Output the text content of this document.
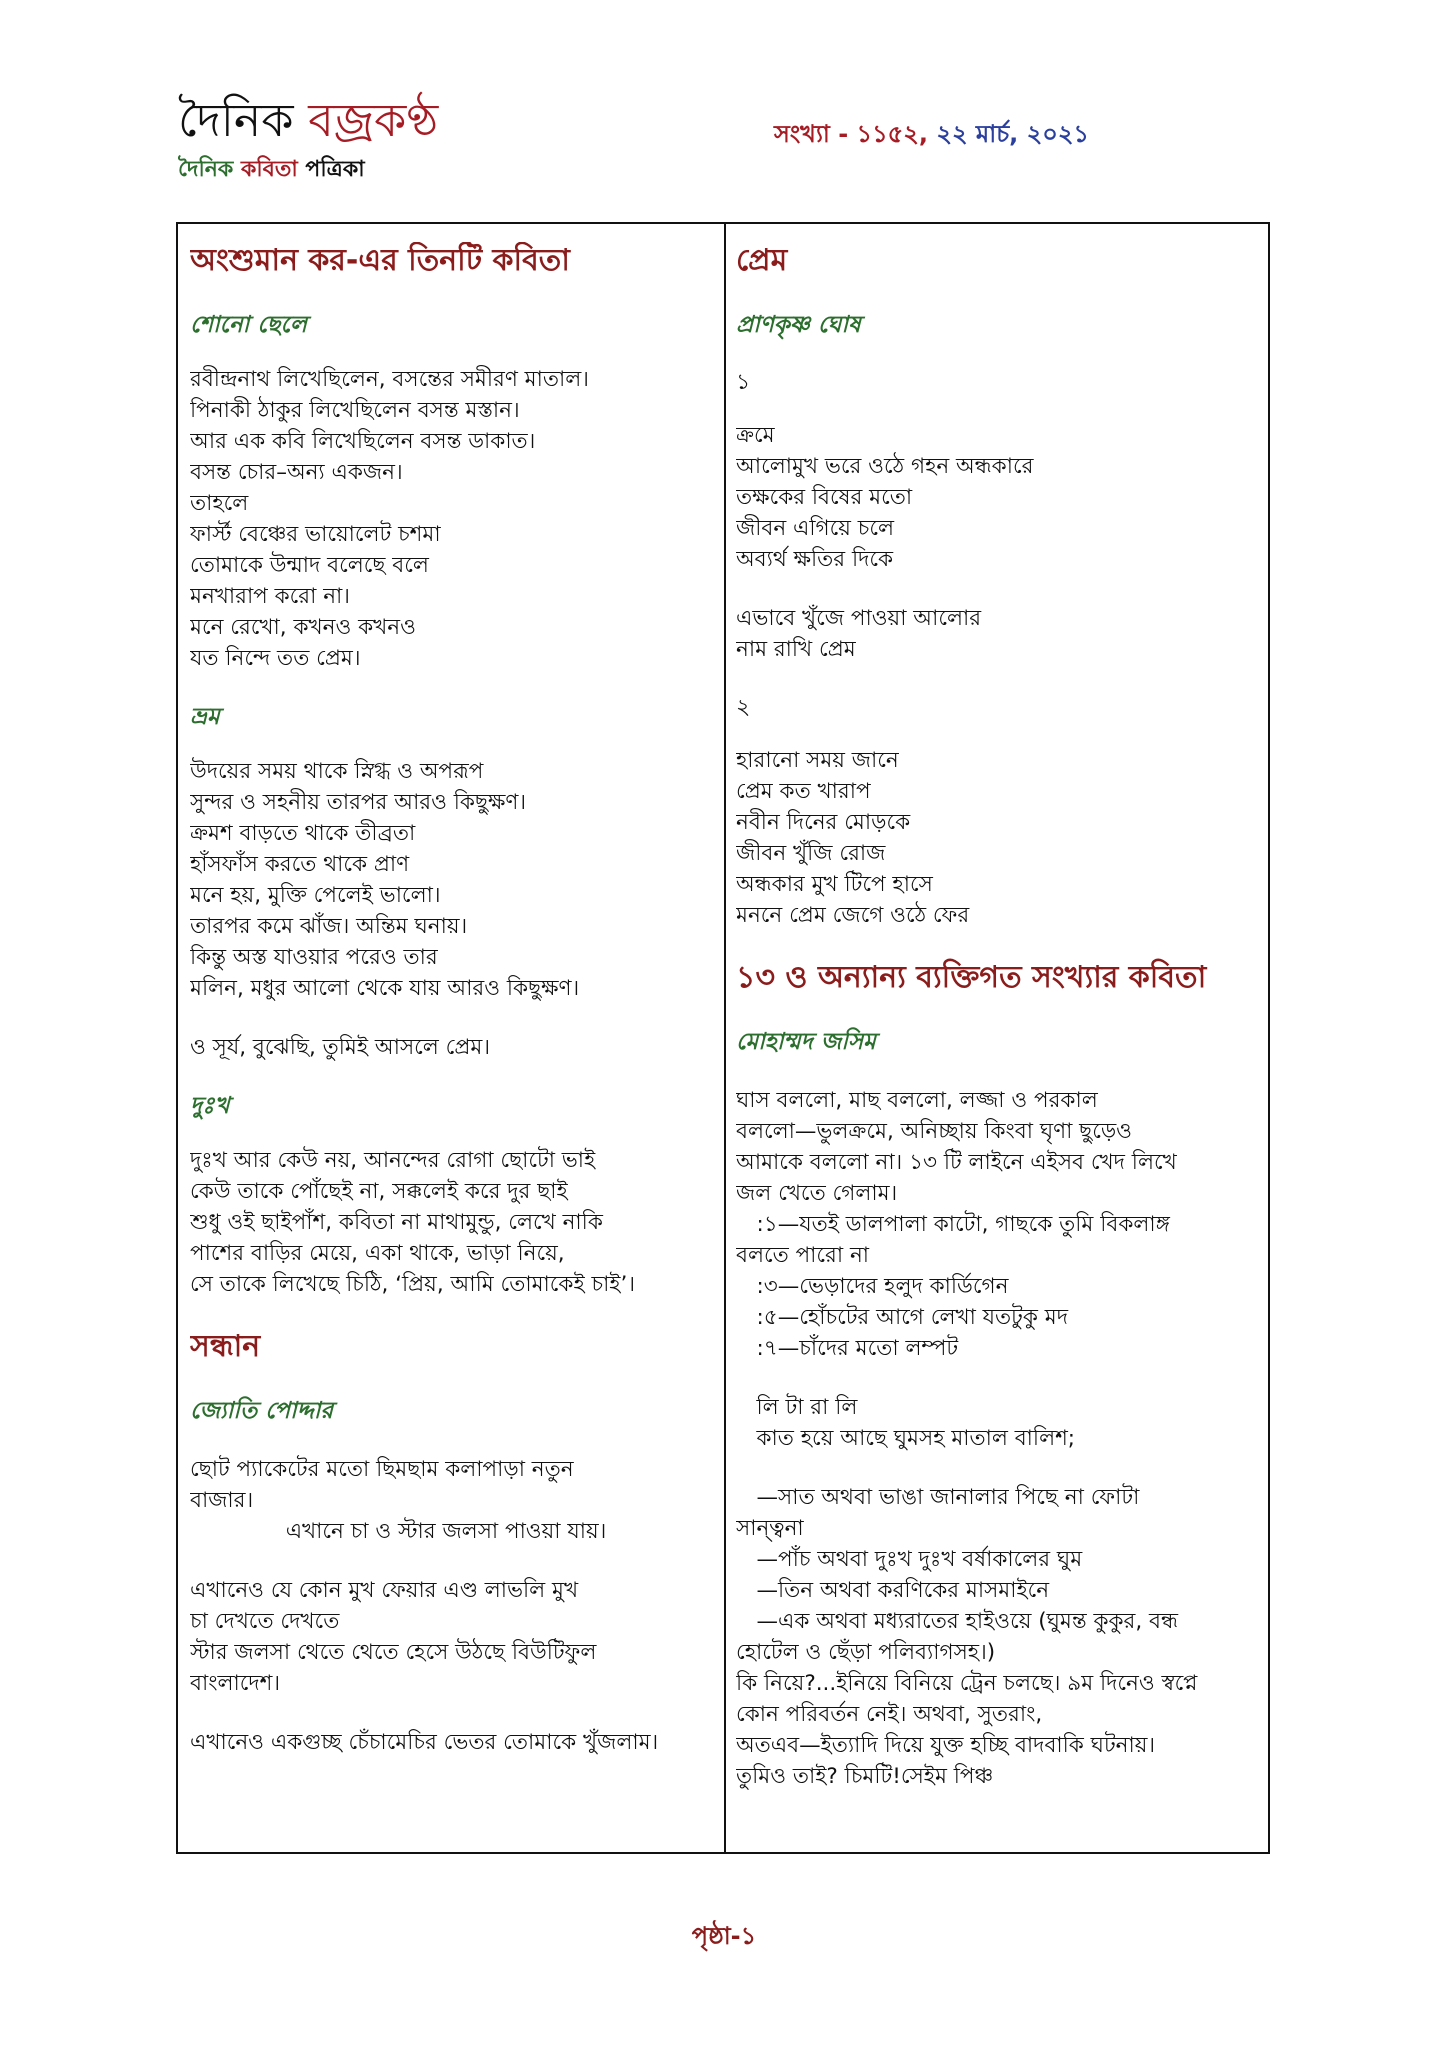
দৈনিক বজ্রকণ্ঠ
দৈনিক কবিতা পত্রিকা
সংখ্যা - ১১৫২, ২২ মার্চ, ২০২১
অংশুমান কর-এর তিনটি কবিতা
শোনো ছেলে
রবীন্দ্রনাথ লিখেছিলেন, বসন্তের সমীরণ মাতাল।
পিনাকী ঠাকুর লিখেছিলেন বসন্ত মস্তান।
আর এক কবি লিখেছিলেন বসন্ত ডাকাত।
বসন্ত চোর–অন্য একজন।
তাহলে
ফার্স্ট বেঞ্চের ভায়োলেট চশমা
তোমাকে উন্মাদ বলেছে বলে
মনখারাপ করো না।
মনে রেখো, কখনও কখনও
যত নিন্দে তত প্রেম।
ভ্রম
উদয়ের সময় থাকে স্নিগ্ধ ও অপরূপ
সুন্দর ও সহনীয় তারপর আরও কিছুক্ষণ।
ক্রমশ বাড়তে থাকে তীব্রতা
হাঁসফাঁস করতে থাকে প্রাণ
মনে হয়, মুক্তি পেলেই ভালো।
তারপর কমে ঝাঁজ। অন্তিম ঘনায়।
কিন্তু অস্ত যাওয়ার পরেও তার
মলিন, মধুর আলো থেকে যায় আরও কিছুক্ষণ।
ও সূর্য, বুঝেছি, তুমিই আসলে প্রেম।
দুঃখ
দুঃখ আর কেউ নয়, আনন্দের রোগা ছোটো ভাই
কেউ তাকে পোঁছেই না, সক্কলেই করে দুর ছাই
শুধু ওই ছাইপাঁশ, কবিতা না মাথামুন্ডু, লেখে নাকি
পাশের বাড়ির মেয়ে, একা থাকে, ভাড়া নিয়ে,
সে তাকে লিখেছে চিঠি, ‘প্রিয়, আমি তোমাকেই চাই’।
সন্ধান
জ্যোতি পোদ্দার
ছোট প্যাকেটের মতো ছিমছাম কলাপাড়া নতুন
বাজার।
এখানে চা ও স্টার জলসা পাওয়া যায়।
এখানেও যে কোন মুখ ফেয়ার এণ্ড লাভলি মুখ
চা দেখতে দেখতে
স্টার জলসা থেতে থেতে হেসে উঠছে বিউটিফুল
বাংলাদেশ।
এখানেও একগুচ্ছ চেঁচামেচির ভেতর তোমাকে খুঁজলাম।
প্রেম
প্রাণকৃষ্ণ ঘোষ
১
ক্রমে
আলোমুখ ভরে ওঠে গহন অন্ধকারে
তক্ষকের বিষের মতো
জীবন এগিয়ে চলে
অব্যর্থ ক্ষতির দিকে
এভাবে খুঁজে পাওয়া আলোর
নাম রাখি প্রেম
২
হারানো সময় জানে
প্রেম কত খারাপ
নবীন দিনের মোড়কে
জীবন খুঁজি রোজ
অন্ধকার মুখ টিপে হাসে
মননে প্রেম জেগে ওঠে ফের
১৩ ও অন্যান্য ব্যক্তিগত সংখ্যার কবিতা
মোহাম্মদ জসিম
ঘাস বললো, মাছ বললো, লজ্জা ও পরকাল
বললো—ভুলক্রমে, অনিচ্ছায় কিংবা ঘৃণা ছুড়েও
আমাকে বললো না। ১৩ টি লাইনে এইসব খেদ লিখে
জল খেতে গেলাম।
:১—যতই ডালপালা কাটো, গাছকে তুমি বিকলাঙ্গ
বলতে পারো না
:৩—ভেড়াদের হলুদ কার্ডিগেন
:৫—হোঁচটের আগে লেখা যতটুকু মদ
:৭—চাঁদের মতো লম্পট
লি টা রা লি
কাত হয়ে আছে ঘুমসহ মাতাল বালিশ;
—সাত অথবা ভাঙা জানালার পিছে না ফোটা
সান্ত্বনা
—পাঁচ অথবা দুঃখ দুঃখ বর্ষাকালের ঘুম
—তিন অথবা করণিকের মাসমাইনে
—এক অথবা মধ্যরাতের হাইওয়ে (ঘুমন্ত কুকুর, বন্ধ
হোটেল ও ছেঁড়া পলিব্যাগসহ।)
কি নিয়ে?...ইনিয়ে বিনিয়ে ট্রেন চলছে। ৯ম দিনেও স্বপ্নে
কোন পরিবর্তন নেই। অথবা, সুতরাং,
অতএব—ইত্যাদি দিয়ে যুক্ত হচ্ছি বাদবাকি ঘটনায়।
তুমিও তাই? চিমটি!সেইম পিঞ্চ
পৃষ্ঠা-১
